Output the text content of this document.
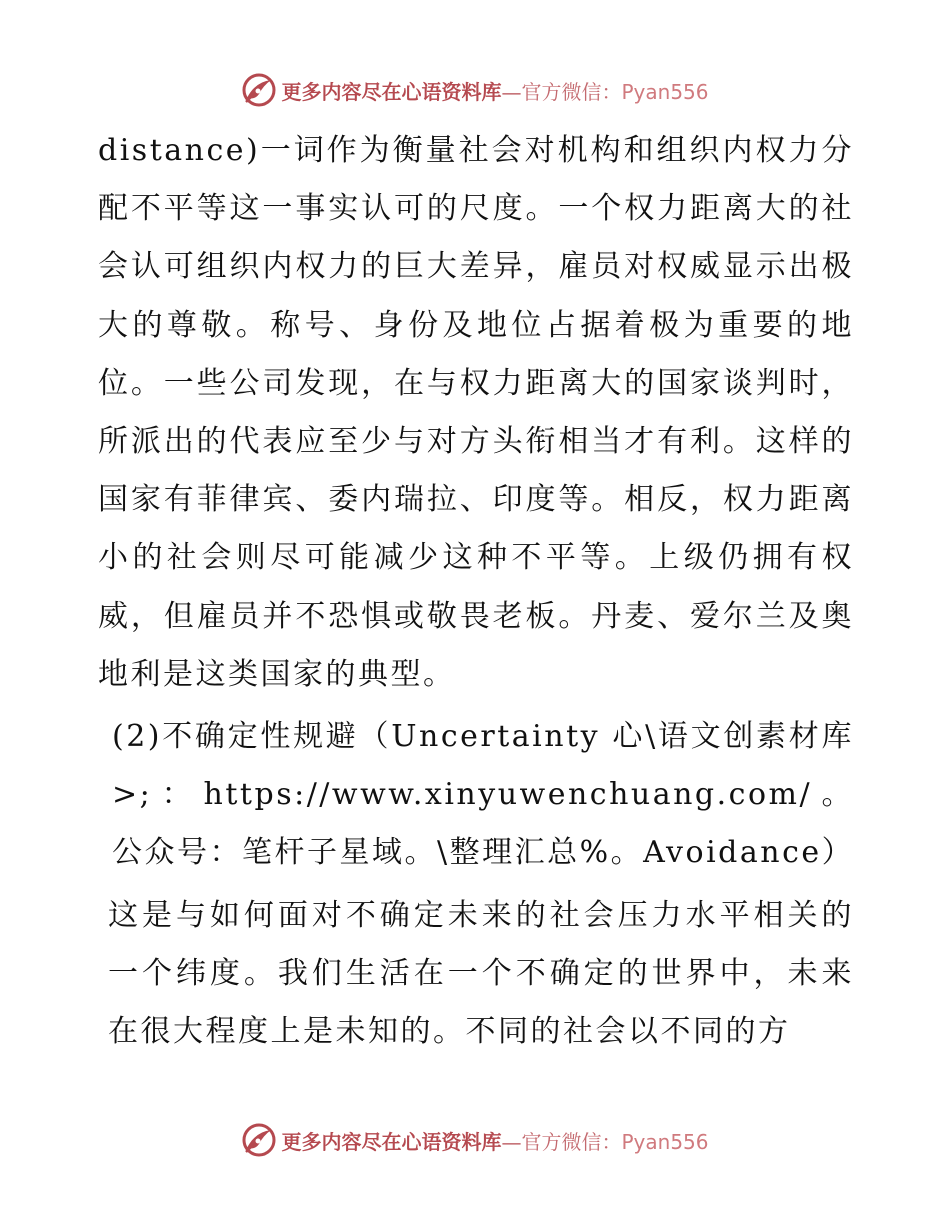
更多内容尽在心语资料库—官方微信：Pyan556

distance)一词作为衡量社会对机构和组织内权力分配不平等这一事实认可的尺度。一个权力距离大的社会认可组织内权力的巨大差异，雇员对权威显示出极大的尊敬。称号、身份及地位占据着极为重要的地位。一些公司发现，在与权力距离大的国家谈判时，所派出的代表应至少与对方头衔相当才有利。这样的国家有菲律宾、委内瑞拉、印度等。相反，权力距离小的社会则尽可能减少这种不平等。上级仍拥有权威，但雇员并不恐惧或敬畏老板。丹麦、爱尔兰及奥地利是这类国家的典型。

(2)不确定性规避（Uncertainty 心\语文创素材库>;：https://www.xinyuwenchuang.com/。公众号：笔杆子星域。\整理汇总%。Avoidance）

这是与如何面对不确定未来的社会压力水平相关的一个纬度。我们生活在一个不确定的世界中，未来在很大程度上是未知的。不同的社会以不同的方

更多内容尽在心语资料库—官方微信：Pyan556
